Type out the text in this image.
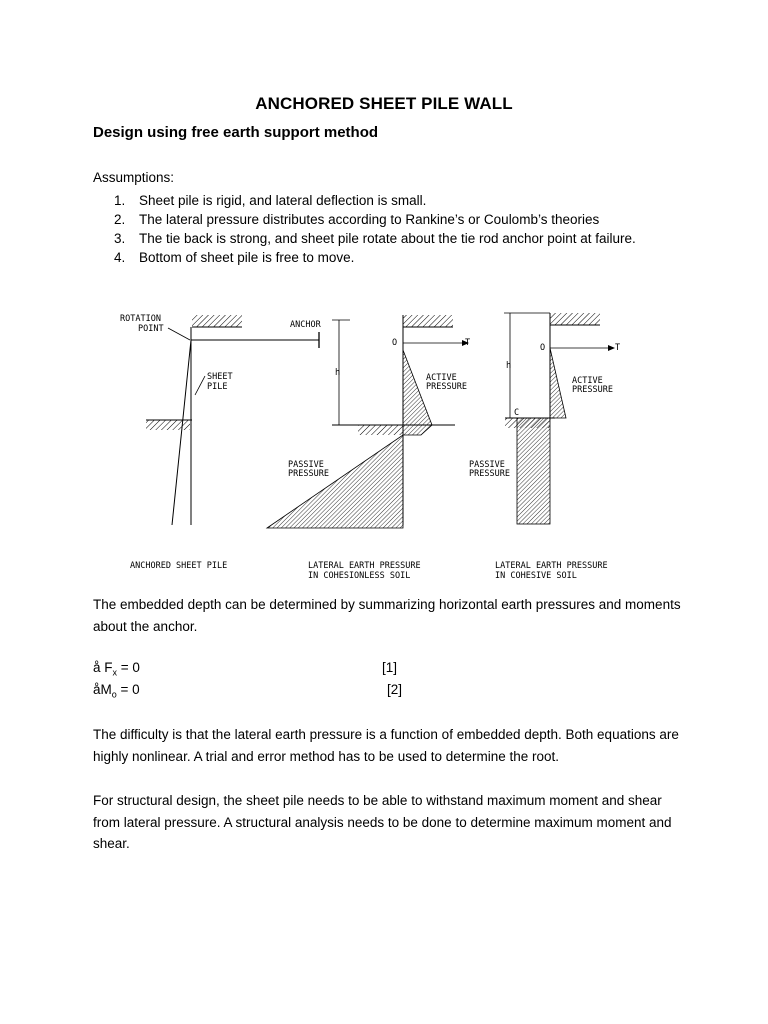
ANCHORED SHEET PILE WALL
Design using free earth support method
Assumptions:
1. Sheet pile is rigid, and lateral deflection is small.
2. The lateral pressure distributes according to Rankine’s or Coulomb’s theories
3. The tie back is strong, and sheet pile rotate about the tie rod anchor point at failure.
4. Bottom of sheet pile is free to move.
ROTATION
POINT
SHEET
PILE
ANCHORED SHEET PILE
ANCHOR
O	T
h	ACTIVE
PRESSURE
PASSIVE
PRESSURE
LATERAL EARTH PRESSURE
IN COHESIONLESS SOIL
O	T
h
C
ACTIVE
PRESSURE
PASSIVE
PRESSURE
LATERAL EARTH PRESSURE
IN COHESIVE SOIL
The embedded depth can be determined by summarizing horizontal earth pressures and moments about the anchor.
å $F_x = 0$	[1]
$åM_o = 0$	[2]
The difficulty is that the lateral earth pressure is a function of embedded depth. Both equations are highly nonlinear. A trial and error method has to be used to determine the root.
For structural design, the sheet pile needs to be able to withstand maximum moment and shear from lateral pressure. A structural analysis needs to be done to determine maximum moment and shear.
